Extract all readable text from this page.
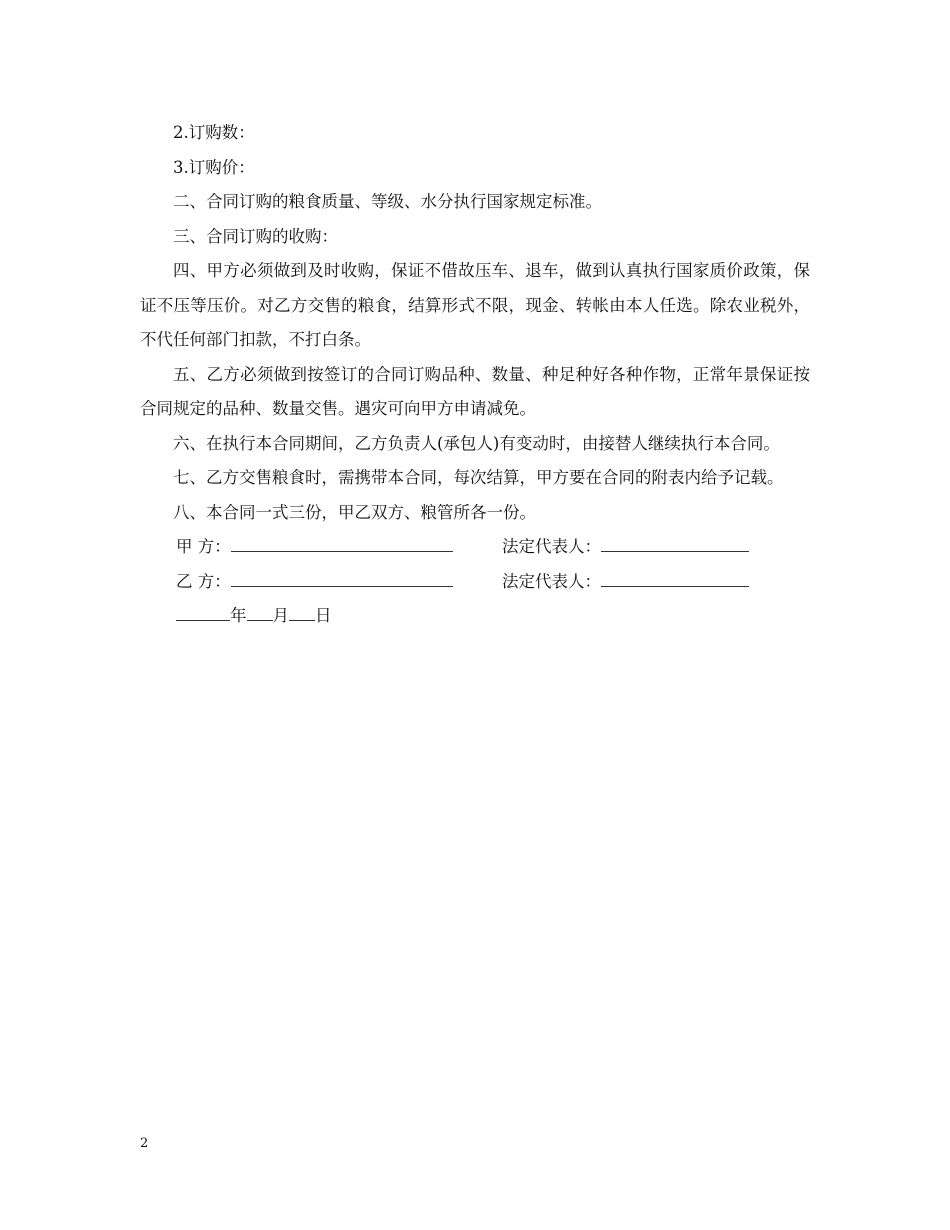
2.订购数：

3.订购价：

二、合同订购的粮食质量、等级、水分执行国家规定标准。

三、合同订购的收购：

四、甲方必须做到及时收购，保证不借故压车、退车，做到认真执行国家质价政策，保证不压等压价。对乙方交售的粮食，结算形式不限，现金、转帐由本人任选。除农业税外，不代任何部门扣款，不打白条。

五、乙方必须做到按签订的合同订购品种、数量、种足种好各种作物，正常年景保证按合同规定的品种、数量交售。遇灾可向甲方申请减免。

六、在执行本合同期间，乙方负责人(承包人)有变动时，由接替人继续执行本合同。

七、乙方交售粮食时，需携带本合同，每次结算，甲方要在合同的附表内给予记载。

八、本合同一式三份，甲乙双方、粮管所各一份。

甲 方：	法定代表人：
乙 方：	法定代表人：
年 月 日
2
